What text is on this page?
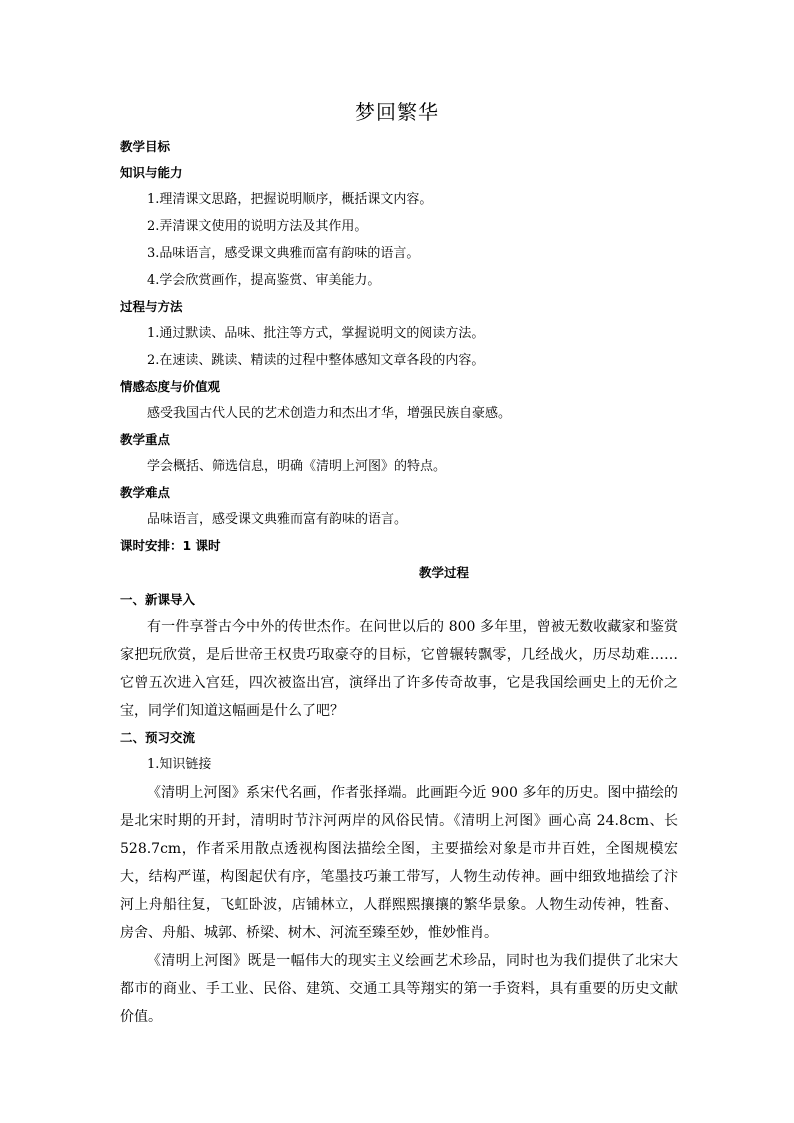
梦回繁华
教学目标
知识与能力
1.理清课文思路，把握说明顺序，概括课文内容。
2.弄清课文使用的说明方法及其作用。
3.品味语言，感受课文典雅而富有韵味的语言。
4.学会欣赏画作，提高鉴赏、审美能力。
过程与方法
1.通过默读、品味、批注等方式，掌握说明文的阅读方法。
2.在速读、跳读、精读的过程中整体感知文章各段的内容。
情感态度与价值观
感受我国古代人民的艺术创造力和杰出才华，增强民族自豪感。
教学重点
学会概括、筛选信息，明确《清明上河图》的特点。
教学难点
品味语言，感受课文典雅而富有韵味的语言。
课时安排：1 课时
教学过程
一、新课导入

有一件享誉古今中外的传世杰作。在问世以后的 800 多年里，曾被无数收藏家和鉴赏家把玩欣赏，是后世帝王权贵巧取豪夺的目标，它曾辗转飘零，几经战火，历尽劫难……它曾五次进入宫廷，四次被盗出宫，演绎出了许多传奇故事，它是我国绘画史上的无价之宝，同学们知道这幅画是什么了吧？

二、预习交流
1.知识链接

《清明上河图》系宋代名画，作者张择端。此画距今近 900 多年的历史。图中描绘的是北宋时期的开封，清明时节汴河两岸的风俗民情。《清明上河图》画心高 24.8cm、长 528.7cm，作者采用散点透视构图法描绘全图，主要描绘对象是市井百姓，全图规模宏大，结构严谨，构图起伏有序，笔墨技巧兼工带写，人物生动传神。画中细致地描绘了汴河上舟船往复，飞虹卧波，店铺林立，人群熙熙攘攘的繁华景象。人物生动传神，牲畜、房舍、舟船、城郭、桥梁、树木、河流至臻至妙，惟妙惟肖。

《清明上河图》既是一幅伟大的现实主义绘画艺术珍品，同时也为我们提供了北宋大都市的商业、手工业、民俗、建筑、交通工具等翔实的第一手资料，具有重要的历史文献价值。
